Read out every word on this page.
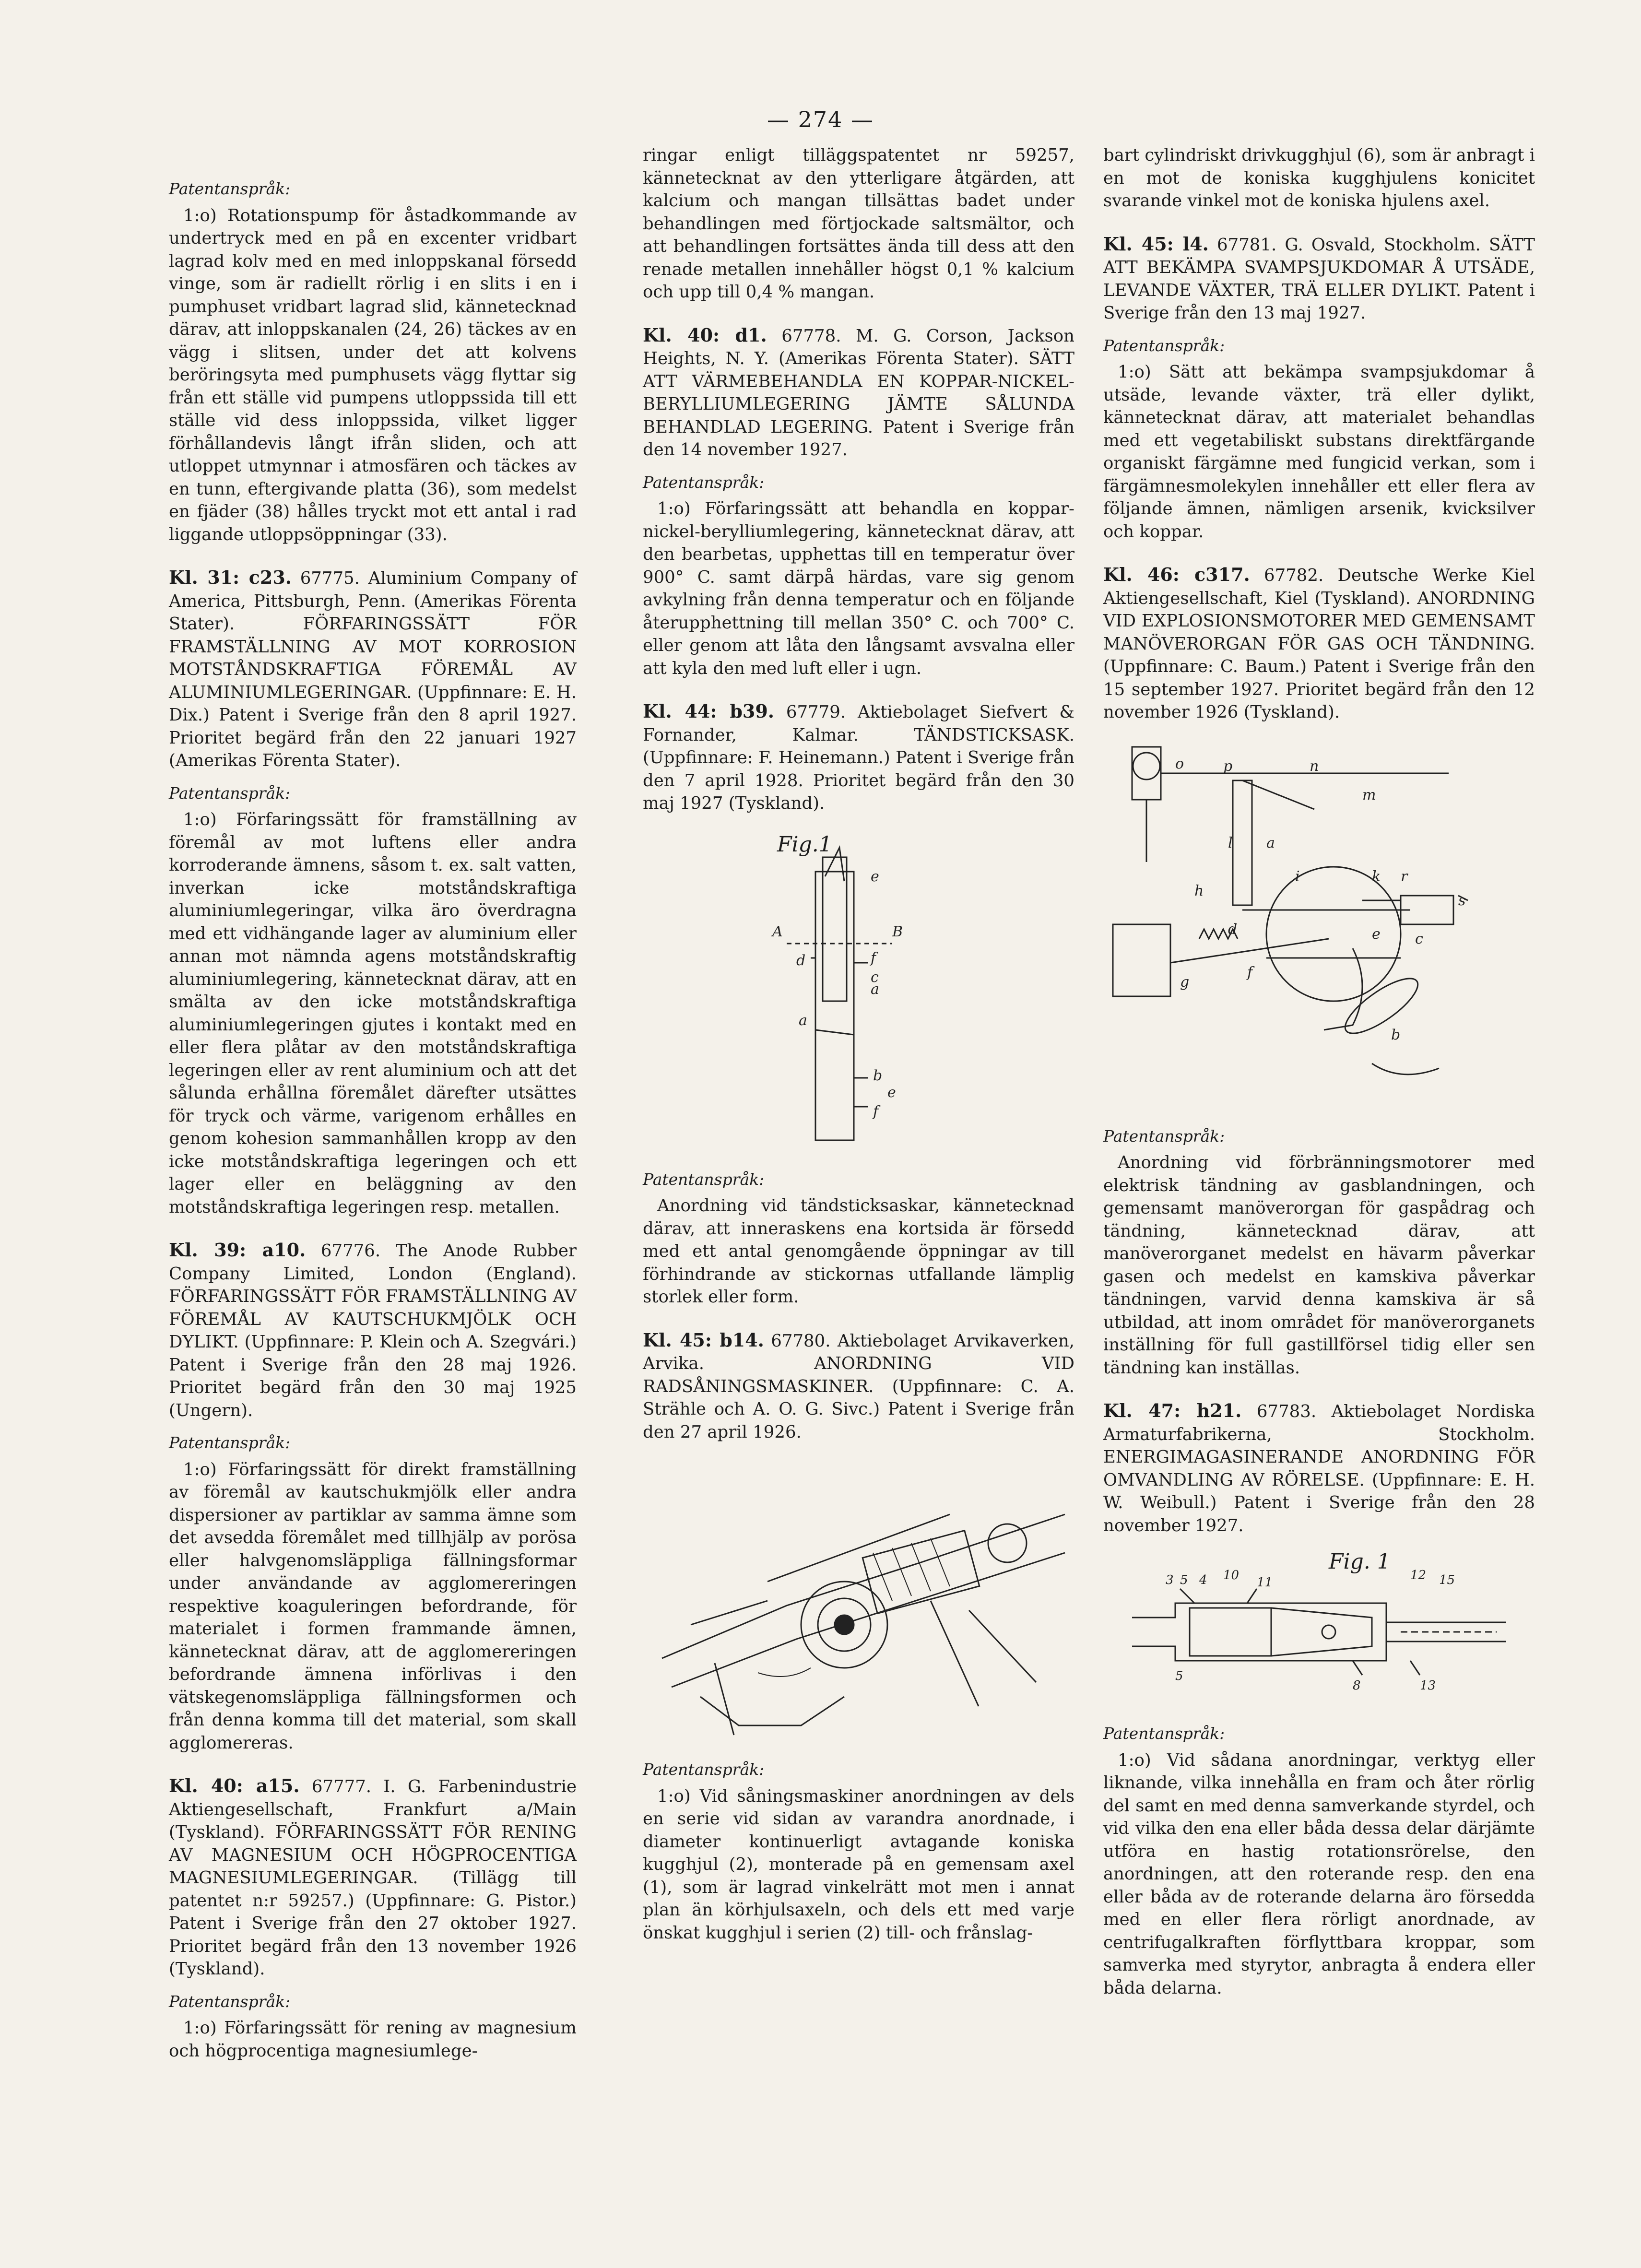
— 274 —

Patentanspråk:

1:o) Rotationspump för åstadkommande av undertryck med en på en excenter vridbart lagrad kolv med en med inloppskanal försedd vinge, som är radiellt rörlig i en slits i en i pumphuset vridbart lagrad slid, kännetecknad därav, att inloppskanalen (24, 26) täckes av en vägg i slitsen, under det att kolvens beröringsyta med pumphusets vägg flyttar sig från ett ställe vid pumpens utloppssida till ett ställe vid dess inloppssida, vilket ligger förhållandevis långt ifrån sliden, och att utloppet utmynnar i atmosfären och täckes av en tunn, eftergivande platta (36), som medelst en fjäder (38) hålles tryckt mot ett antal i rad liggande utloppsöppningar (33).

Kl. 31: c23. 67775. Aluminium Company of America, Pittsburgh, Penn. (Amerikas Förenta Stater). FÖRFARINGSSÄTT FÖR FRAMSTÄLLNING AV MOT KORROSION MOTSTÅNDSKRAFTIGA FÖREMÅL AV ALUMINIUMLEGERINGAR. (Uppfinnare: E. H. Dix.) Patent i Sverige från den 8 april 1927. Prioritet begärd från den 22 januari 1927 (Amerikas Förenta Stater).

Patentanspråk:

1:o) Förfaringssätt för framställning av föremål av mot luftens eller andra korroderande ämnens, såsom t. ex. salt vatten, inverkan icke motståndskraftiga aluminiumlegeringar, vilka äro överdragna med ett vidhängande lager av aluminium eller annan mot nämnda agens motståndskraftig aluminiumlegering, kännetecknat därav, att en smälta av den icke motståndskraftiga aluminiumlegeringen gjutes i kontakt med en eller flera plåtar av den motståndskraftiga legeringen eller av rent aluminium och att det sålunda erhållna föremålet därefter utsättes för tryck och värme, varigenom erhålles en genom kohesion sammanhållen kropp av den icke motståndskraftiga legeringen och ett lager eller en beläggning av den motståndskraftiga legeringen resp. metallen.

Kl. 39: a10. 67776. The Anode Rubber Company Limited, London (England). FÖRFARINGSSÄTT FÖR FRAMSTÄLLNING AV FÖREMÅL AV KAUTSCHUKMJÖLK OCH DYLIKT. (Uppfinnare: P. Klein och A. Szegvári.) Patent i Sverige från den 28 maj 1926. Prioritet begärd från den 30 maj 1925 (Ungern).

Patentanspråk:

1:o) Förfaringssätt för direkt framställning av föremål av kautschukmjölk eller andra dispersioner av partiklar av samma ämne som det avsedda föremålet med tillhjälp av porösa eller halvgenomsläppliga fällningsformar under användande av agglomereringen respektive koaguleringen befordrande, för materialet i formen frammande ämnen, kännetecknat därav, att de agglomereringen befordrande ämnena införlivas i den vätskegenomsläppliga fällningsformen och från denna komma till det material, som skall agglomereras.

Kl. 40: a15. 67777. I. G. Farbenindustrie Aktiengesellschaft, Frankfurt a/Main (Tyskland). FÖRFARINGSSÄTT FÖR RENING AV MAGNESIUM OCH HÖGPROCENTIGA MAGNESIUMLEGERINGAR. (Tillägg till patentet n:r 59257.) (Uppfinnare: G. Pistor.) Patent i Sverige från den 27 oktober 1927. Prioritet begärd från den 13 november 1926 (Tyskland).

Patentanspråk:

1:o) Förfaringssätt för rening av magnesium och högprocentiga magnesiumlege-

ringar enligt tilläggspatentet nr 59257, kännetecknat av den ytterligare åtgärden, att kalcium och mangan tillsättas badet under behandlingen med förtjockade saltsmältor, och att behandlingen fortsättes ända till dess att den renade metallen innehåller högst 0,1 % kalcium och upp till 0,4 % mangan.

Kl. 40: d1. 67778. M. G. Corson, Jackson Heights, N. Y. (Amerikas Förenta Stater). SÄTT ATT VÄRMEBEHANDLA EN KOPPAR-NICKEL-BERYLLIUMLEGERING JÄMTE SÅLUNDA BEHANDLAD LEGERING. Patent i Sverige från den 14 november 1927.

Patentanspråk:

1:o) Förfaringssätt att behandla en koppar-nickel-berylliumlegering, kännetecknat därav, att den bearbetas, upphettas till en temperatur över 900° C. samt därpå härdas, vare sig genom avkylning från denna temperatur och en följande återupphettning till mellan 350° C. och 700° C. eller genom att låta den långsamt avsvalna eller att kyla den med luft eller i ugn.

Kl. 44: b39. 67779. Aktiebolaget Siefvert & Fornander, Kalmar. TÄNDSTICKSASK. (Uppfinnare: F. Heinemann.) Patent i Sverige från den 7 april 1928. Prioritet begärd från den 30 maj 1927 (Tyskland).

Fig.1
e
B
A
d	f
c
a
a
b
e
f

Patentanspråk:

Anordning vid tändsticksaskar, kännetecknad därav, att inneraskens ena kortsida är försedd med ett antal genomgående öppningar av till förhindrande av stickornas utfallande lämplig storlek eller form.

Kl. 45: b14. 67780. Aktiebolaget Arvikaverken, Arvika. ANORDNING VID RADSÅNINGSMASKINER. (Uppfinnare: C. A. Strähle och A. O. G. Sivc.) Patent i Sverige från den 27 april 1926.

Patentanspråk:

1:o) Vid såningsmaskiner anordningen av dels en serie vid sidan av varandra anordnade, i diameter kontinuerligt avtagande koniska kugghjul (2), monterade på en gemensam axel (1), som är lagrad vinkelrätt mot men i annat plan än körhjulsaxeln, och dels ett med varje önskat kugghjul i serien (2) till- och frånslag-

bart cylindriskt drivkugghjul (6), som är anbragt i en mot de koniska kugghjulens konicitet svarande vinkel mot de koniska hjulens axel.

Kl. 45: l4. 67781. G. Osvald, Stockholm. SÄTT ATT BEKÄMPA SVAMPSJUKDOMAR Å UTSÄDE, LEVANDE VÄXTER, TRÄ ELLER DYLIKT. Patent i Sverige från den 13 maj 1927.

Patentanspråk:

1:o) Sätt att bekämpa svampsjukdomar å utsäde, levande växter, trä eller dylikt, kännetecknat därav, att materialet behandlas med ett vegetabiliskt substans direktfärgande organiskt färgämne med fungicid verkan, som i färgämnesmolekylen innehåller ett eller flera av följande ämnen, nämligen arsenik, kvicksilver och koppar.

Kl. 46: c317. 67782. Deutsche Werke Kiel Aktiengesellschaft, Kiel (Tyskland). ANORDNING VID EXPLOSIONSMOTORER MED GEMENSAMT MANÖVERORGAN FÖR GAS OCH TÄNDNING. (Uppfinnare: C. Baum.) Patent i Sverige från den 15 september 1927. Prioritet begärd från den 12 november 1926 (Tyskland).

o	p	n
m
l a
h
i	k r
s
d	e c
g
f
b

Patentanspråk:

Anordning vid förbränningsmotorer med elektrisk tändning av gasblandningen, och gemensamt manöverorgan för gaspådrag och tändning, kännetecknad därav, att manöverorganet medelst en hävarm påverkar gasen och medelst en kamskiva påverkar tändningen, varvid denna kamskiva är så utbildad, att inom området för manöverorganets inställning för full gastillförsel tidig eller sen tändning kan inställas.

Kl. 47: h21. 67783. Aktiebolaget Nordiska Armaturfabrikerna, Stockholm. ENERGIMAGASINERANDE ANORDNING FÖR OMVANDLING AV RÖRELSE. (Uppfinnare: E. H. W. Weibull.) Patent i Sverige från den 28 november 1927.

Fig. 1
3 5 4 10 11	12 15
5
8	13

Patentanspråk:

1:o) Vid sådana anordningar, verktyg eller liknande, vilka innehålla en fram och åter rörlig del samt en med denna samverkande styrdel, och vid vilka den ena eller båda dessa delar därjämte utföra en hastig rotationsrörelse, den anordningen, att den roterande resp. den ena eller båda av de roterande delarna äro försedda med en eller flera rörligt anordnade, av centrifugalkraften förflyttbara kroppar, som samverka med styrytor, anbragta å endera eller båda delarna.
